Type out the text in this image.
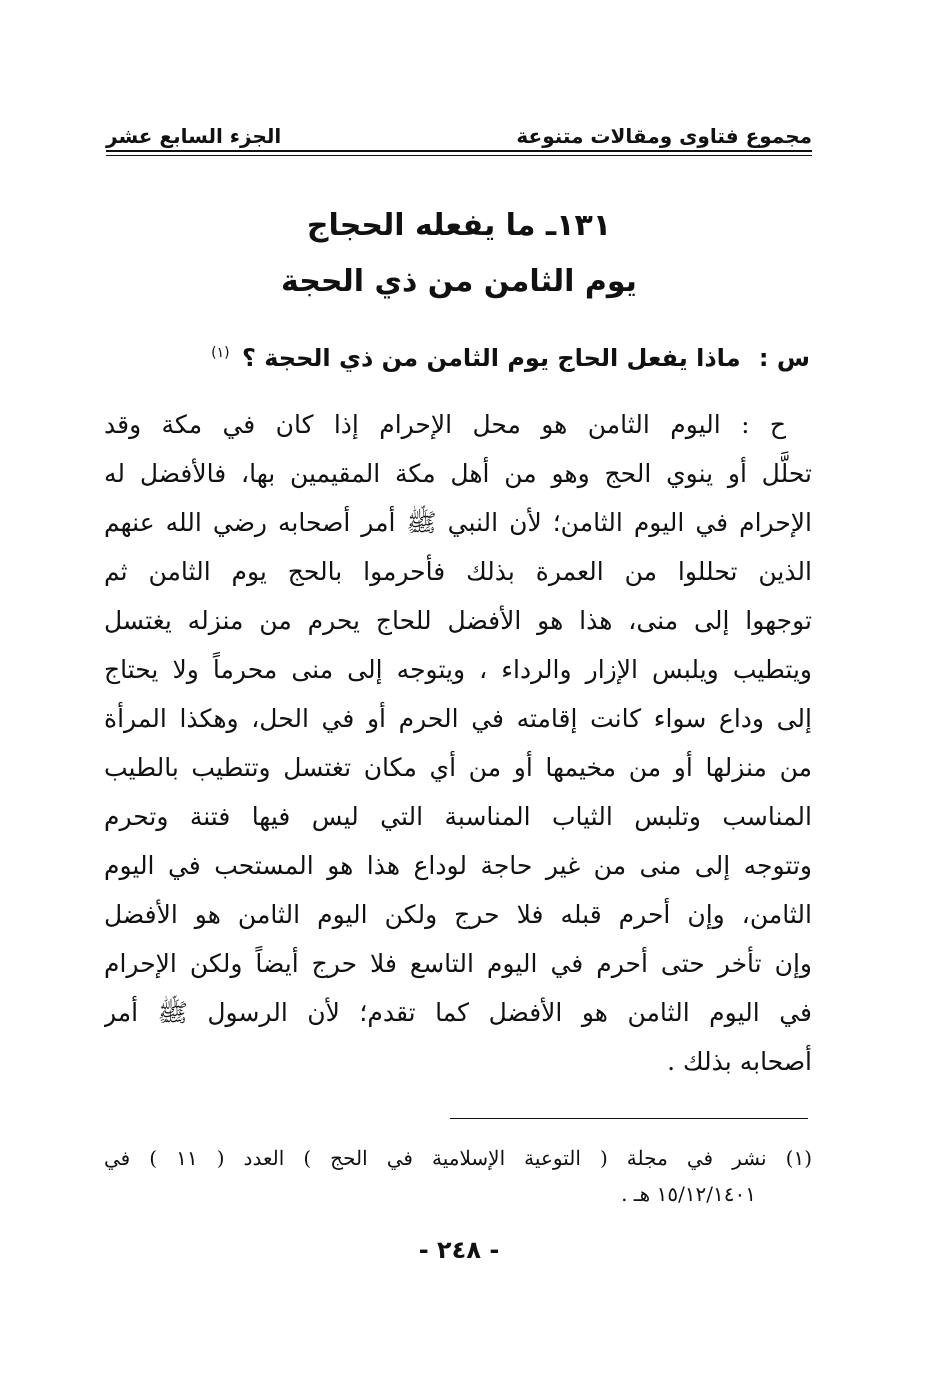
مجموع فتاوى ومقالات متنوعة
الجزء السابع عشر
١٣١ـ ما يفعله الحجاج
يوم الثامن من ذي الحجة
س : ماذا يفعل الحاج يوم الثامن من ذي الحجة ؟ $^{(١)}$
ح : اليوم الثامن هو محل الإحرام إذا كان في مكة وقد
تحلَّل أو ينوي الحج وهو من أهل مكة المقيمين بها، فالأفضل له
الإحرام في اليوم الثامن؛ لأن النبي ﷺ أمر أصحابه رضي الله عنهم
الذين تحللوا من العمرة بذلك فأحرموا بالحج يوم الثامن ثم
توجهوا إلى منى، هذا هو الأفضل للحاج يحرم من منزله يغتسل
ويتطيب ويلبس الإزار والرداء ، ويتوجه إلى منى محرماً ولا يحتاج
إلى وداع سواء كانت إقامته في الحرم أو في الحل، وهكذا المرأة
من منزلها أو من مخيمها أو من أي مكان تغتسل وتتطيب بالطيب
المناسب وتلبس الثياب المناسبة التي ليس فيها فتنة وتحرم
وتتوجه إلى منى من غير حاجة لوداع هذا هو المستحب في اليوم
الثامن، وإن أحرم قبله فلا حرج ولكن اليوم الثامن هو الأفضل
وإن تأخر حتى أحرم في اليوم التاسع فلا حرج أيضاً ولكن الإحرام
في اليوم الثامن هو الأفضل كما تقدم؛ لأن الرسول ﷺ أمر
أصحابه بذلك .
(١) نشر في مجلة ( التوعية الإسلامية في الحج ) العدد ( ١١ ) في
١٥/١٢/١٤٠١ هـ .
- ٢٤٨ -
